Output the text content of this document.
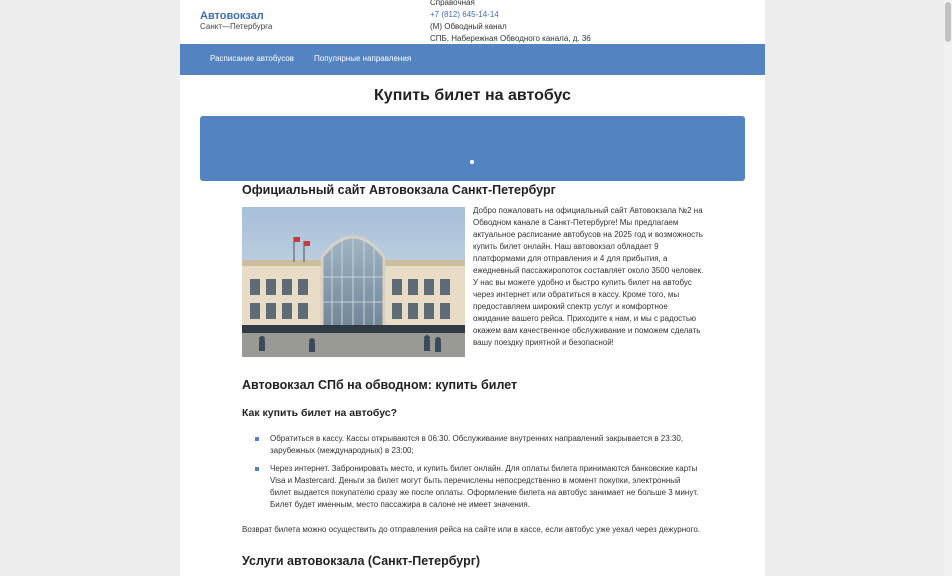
Автовокзал
Санкт—Петербурга
Справочная
+7 (812) 645-14-14
(М) Обводный канал
СПБ, Набережная Обводного канала, д. 36
Расписание автобусов	Популярные направления
Купить билет на автобус
Официальный сайт Автовокзала Санкт-Петербург
Добро пожаловать на официальный сайт Автовокзала №2 на Обводном канале в Санкт-Петербурге! Мы предлагаем актуальное расписание автобусов на 2025 год и возможность купить билет онлайн. Наш автовокзал обладает 9 платформами для отправления и 4 для прибытия, а ежедневный пассажиропоток составляет около 3500 человек.
У нас вы можете удобно и быстро купить билет на автобус через интернет или обратиться в кассу. Кроме того, мы предоставляем широкий спектр услуг и комфортное ожидание вашего рейса. Приходите к нам, и мы с радостью окажем вам качественное обслуживание и поможем сделать вашу поездку приятной и безопасной!
Автовокзал СПб на обводном: купить билет
Как купить билет на автобус?
Обратиться в кассу. Кассы открываются в 06:30. Обслуживание внутренних направлений закрывается в 23:30, зарубежных (международных) в 23:00;
Через интернет. Забронировать место, и купить билет онлайн. Для оплаты билета принимаются банковские карты Visa и Mastercard. Деньги за билет могут быть перечислены непосредственно в момент покупки, электронный билет выдается покупателю сразу же после оплаты. Оформление билета на автобус занимает не больше 3 минут. Билет будет именным, место пассажира в салоне не имеет значения.
Возврат билета можно осуществить до отправления рейса на сайте или в кассе, если автобус уже уехал через дежурного.
Услуги автовокзала (Санкт-Петербург)
